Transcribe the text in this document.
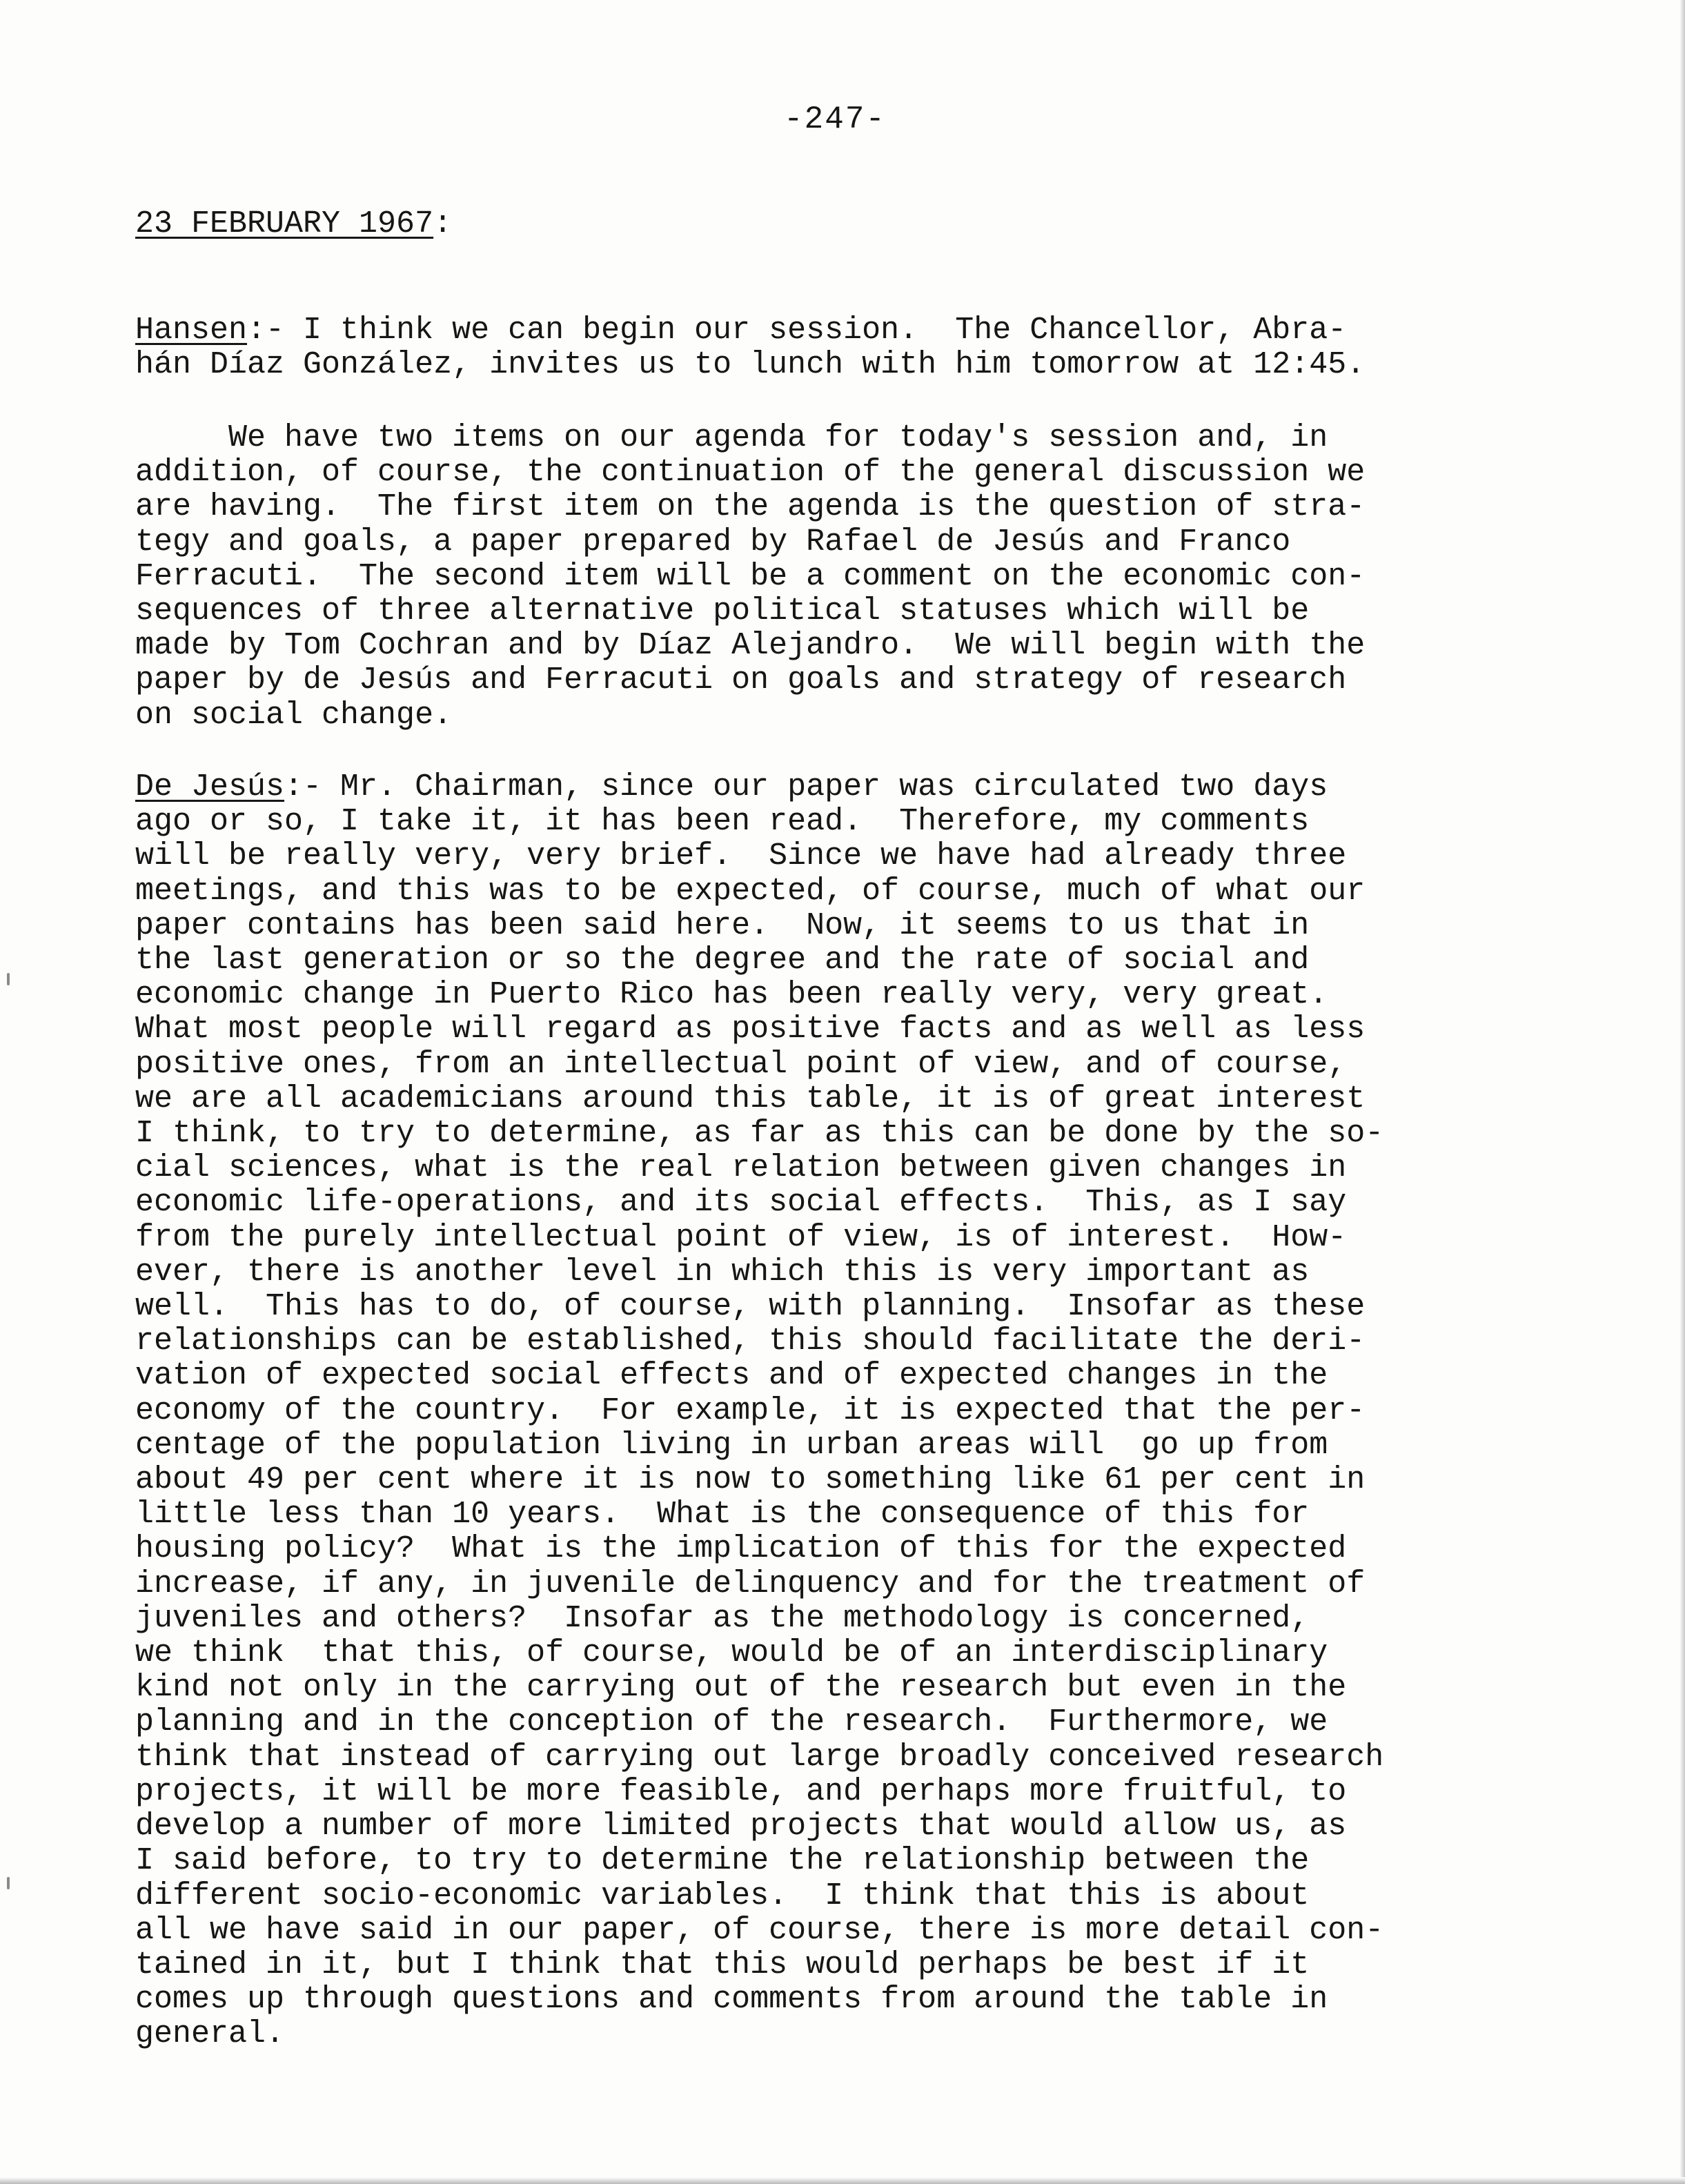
-247-
23 FEBRUARY 1967:
Hansen:- I think we can begin our session.  The Chancellor, Abra-
hán Díaz González, invites us to lunch with him tomorrow at 12:45.
We have two items on our agenda for today's session and, in
addition, of course, the continuation of the general discussion we
are having.  The first item on the agenda is the question of stra-
tegy and goals, a paper prepared by Rafael de Jesús and Franco
Ferracuti.  The second item will be a comment on the economic con-
sequences of three alternative political statuses which will be
made by Tom Cochran and by Díaz Alejandro.  We will begin with the
paper by de Jesús and Ferracuti on goals and strategy of research
on social change.
De Jesús:- Mr. Chairman, since our paper was circulated two days
ago or so, I take it, it has been read.  Therefore, my comments
will be really very, very brief.  Since we have had already three
meetings, and this was to be expected, of course, much of what our
paper contains has been said here.  Now, it seems to us that in
the last generation or so the degree and the rate of social and
economic change in Puerto Rico has been really very, very great.
What most people will regard as positive facts and as well as less
positive ones, from an intellectual point of view, and of course,
we are all academicians around this table, it is of great interest
I think, to try to determine, as far as this can be done by the so-
cial sciences, what is the real relation between given changes in
economic life-operations, and its social effects.  This, as I say
from the purely intellectual point of view, is of interest.  How-
ever, there is another level in which this is very important as
well.  This has to do, of course, with planning.  Insofar as these
relationships can be established, this should facilitate the deri-
vation of expected social effects and of expected changes in the
economy of the country.  For example, it is expected that the per-
centage of the population living in urban areas will  go up from
about 49 per cent where it is now to something like 61 per cent in
little less than 10 years.  What is the consequence of this for
housing policy?  What is the implication of this for the expected
increase, if any, in juvenile delinquency and for the treatment of
juveniles and others?  Insofar as the methodology is concerned,
we think  that this, of course, would be of an interdisciplinary
kind not only in the carrying out of the research but even in the
planning and in the conception of the research.  Furthermore, we
think that instead of carrying out large broadly conceived research
projects, it will be more feasible, and perhaps more fruitful, to
develop a number of more limited projects that would allow us, as
I said before, to try to determine the relationship between the
different socio-economic variables.  I think that this is about
all we have said in our paper, of course, there is more detail con-
tained in it, but I think that this would perhaps be best if it
comes up through questions and comments from around the table in
general.
